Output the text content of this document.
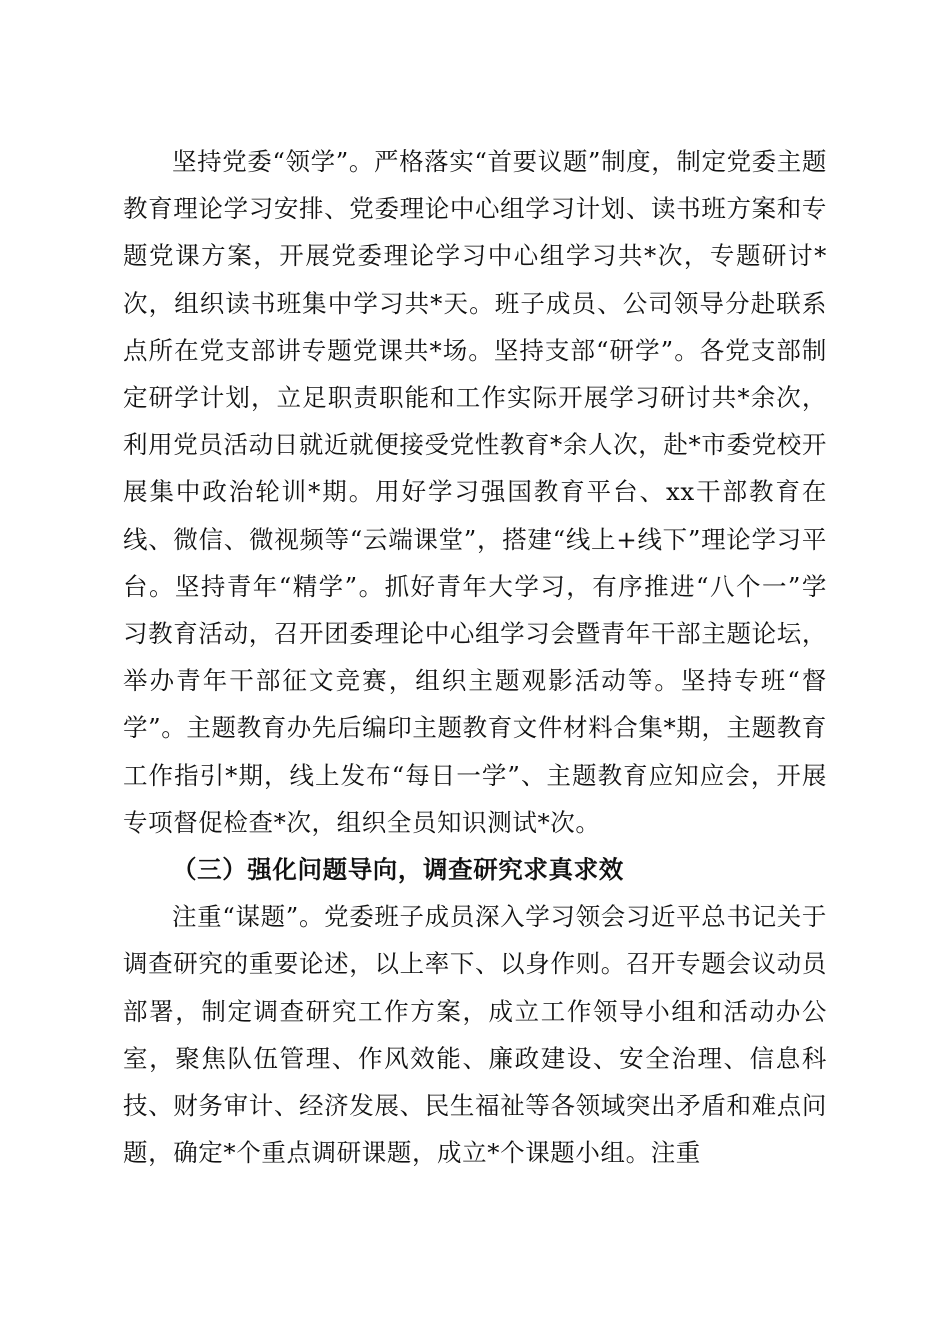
坚持党委“领学”。严格落实“首要议题”制度，制定党委主题教育理论学习安排、党委理论中心组学习计划、读书班方案和专题党课方案，开展党委理论学习中心组学习共*次，专题研讨*次，组织读书班集中学习共*天。班子成员、公司领导分赴联系点所在党支部讲专题党课共*场。坚持支部“研学”。各党支部制定研学计划，立足职责职能和工作实际开展学习研讨共*余次，利用党员活动日就近就便接受党性教育*余人次，赴*市委党校开展集中政治轮训*期。用好学习强国教育平台、xx干部教育在线、微信、微视频等“云端课堂”，搭建“线上+线下”理论学习平台。坚持青年“精学”。抓好青年大学习，有序推进“八个一”学习教育活动，召开团委理论中心组学习会暨青年干部主题论坛，举办青年干部征文竞赛，组织主题观影活动等。坚持专班“督学”。主题教育办先后编印主题教育文件材料合集*期，主题教育工作指引*期，线上发布“每日一学”、主题教育应知应会，开展专项督促检查*次，组织全员知识测试*次。

（三）强化问题导向，调查研究求真求效

注重“谋题”。党委班子成员深入学习领会习近平总书记关于调查研究的重要论述，以上率下、以身作则。召开专题会议动员部署，制定调查研究工作方案，成立工作领导小组和活动办公室，聚焦队伍管理、作风效能、廉政建设、安全治理、信息科技、财务审计、经济发展、民生福祉等各领域突出矛盾和难点问题，确定*个重点调研课题，成立*个课题小组。注重
